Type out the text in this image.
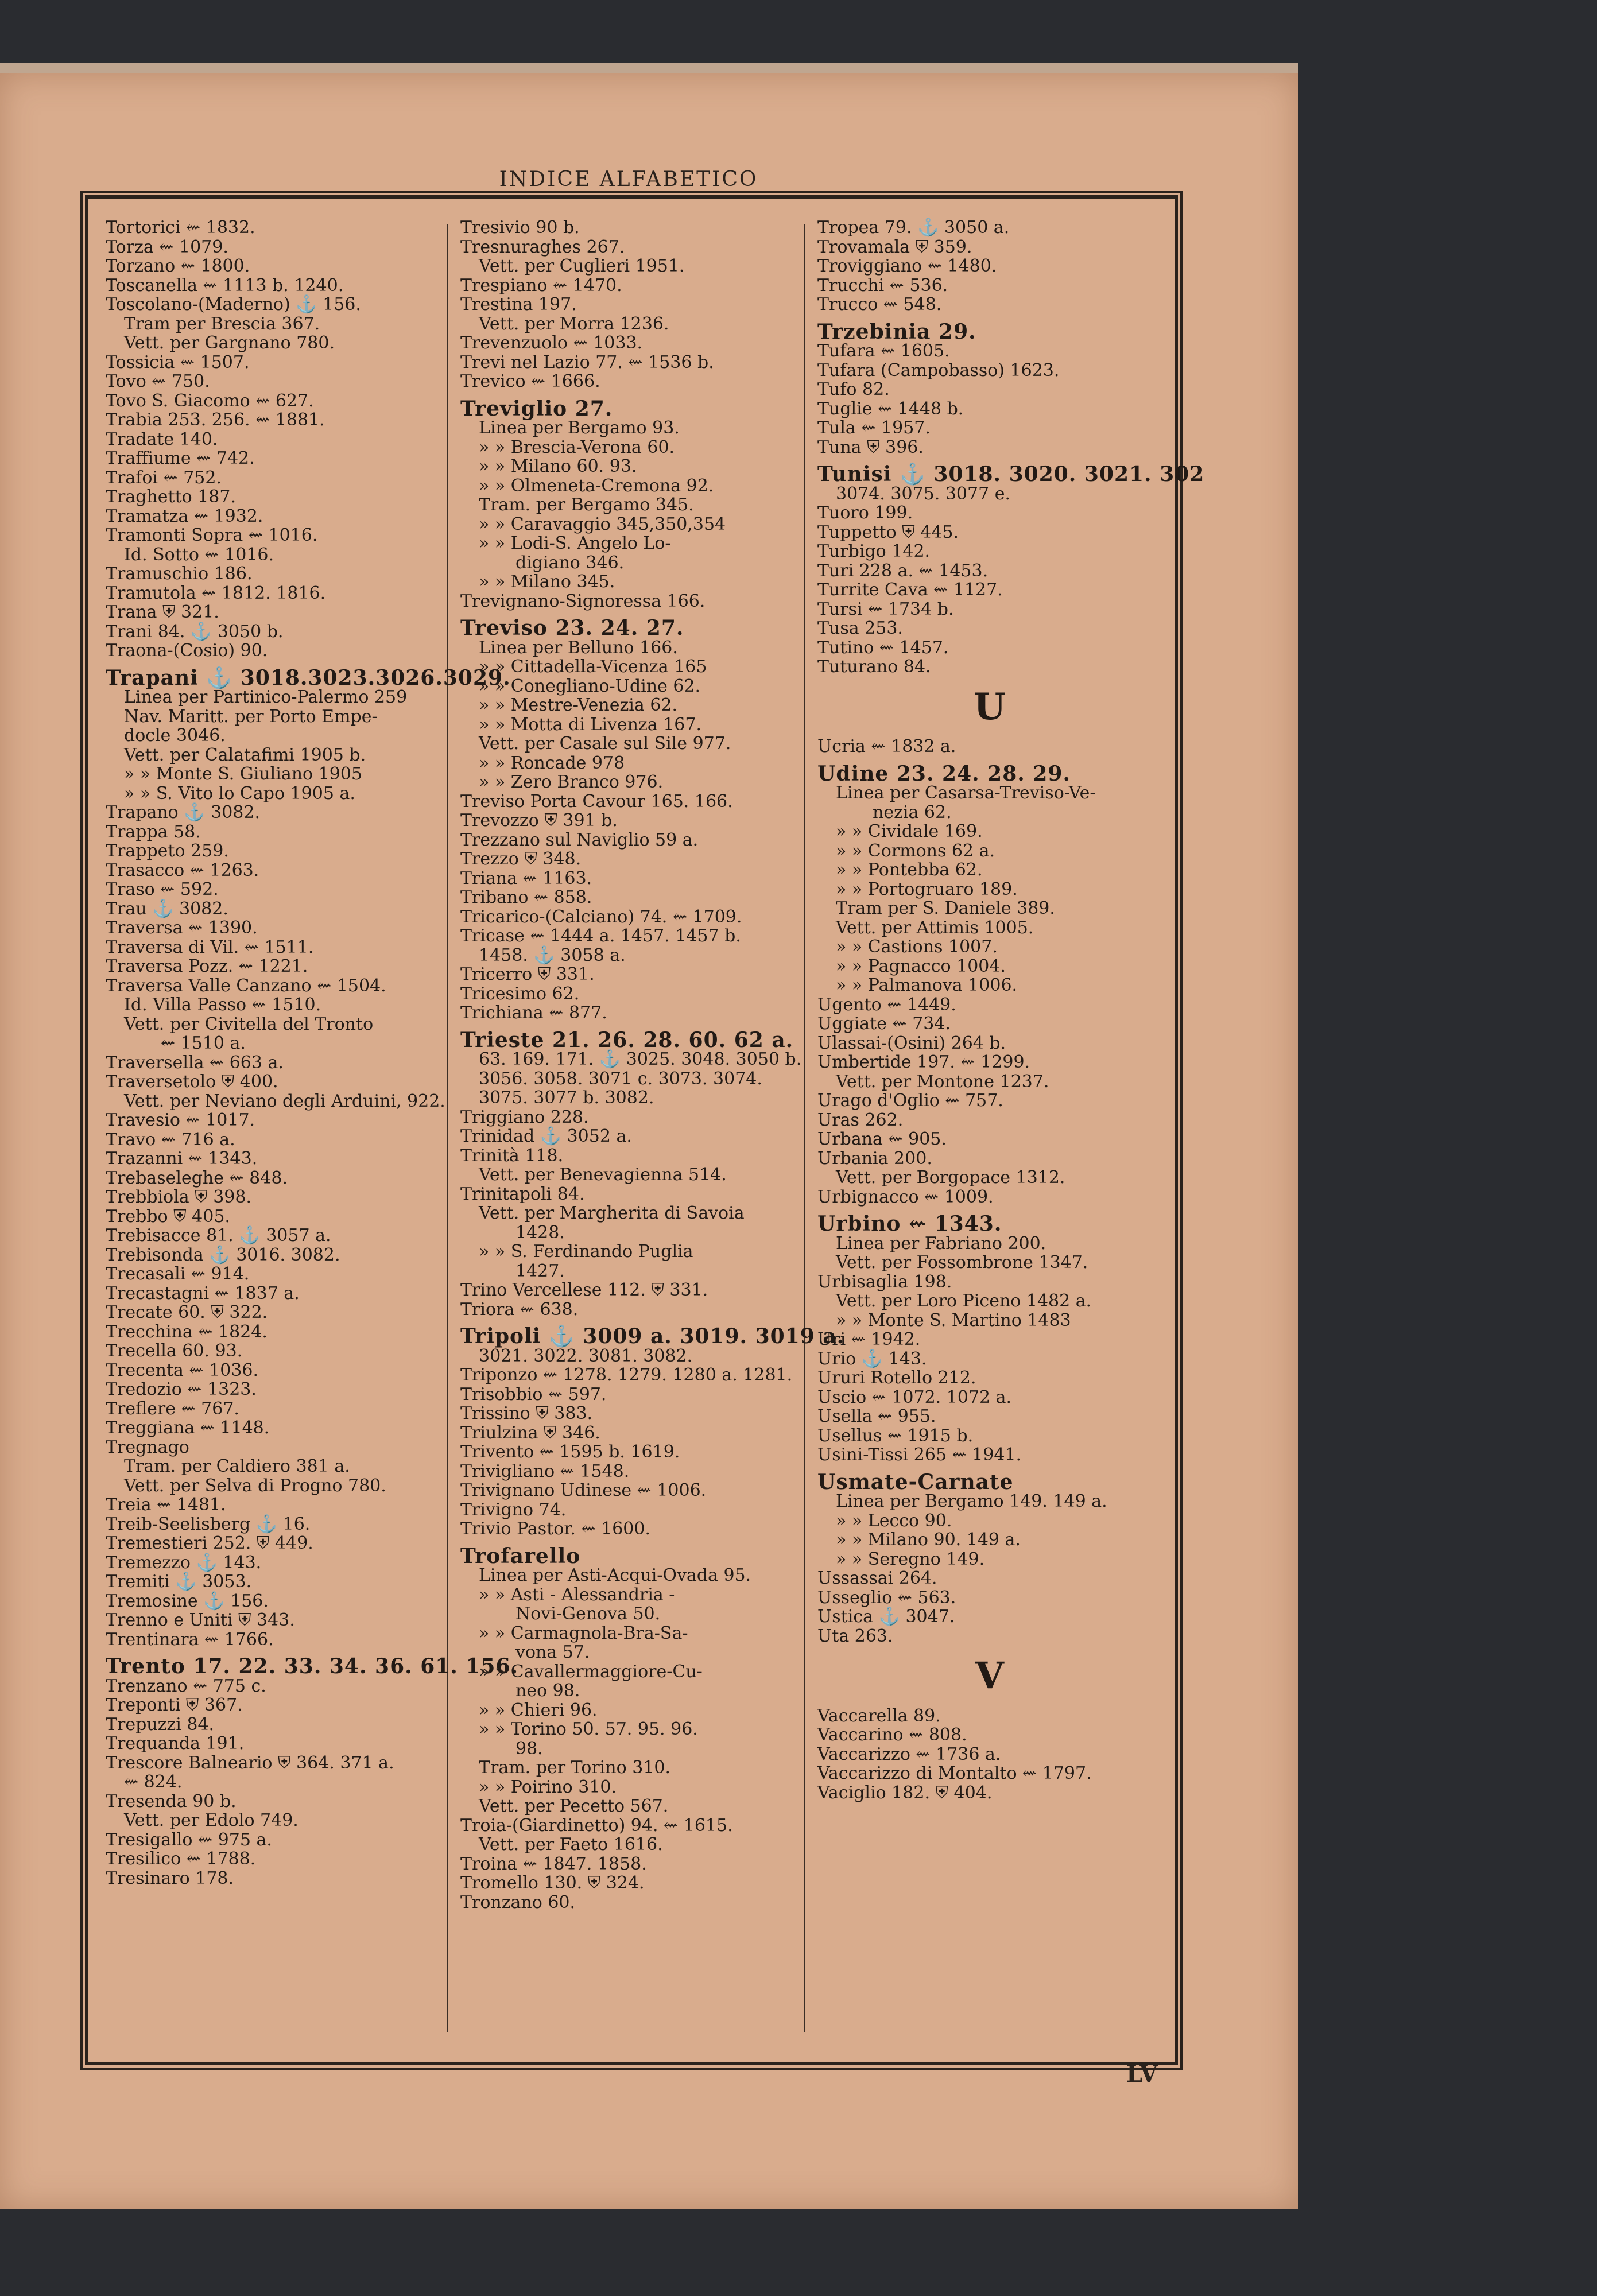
INDICE ALFABETICO
Tortorici ⇜ 1832.
Torza ⇜ 1079.
Torzano ⇜ 1800.
Toscanella ⇜ 1113 b. 1240.
Toscolano-(Maderno) ⚓ 156.
Tram per Brescia 367.
Vett. per Gargnano 780.
Tossicia ⇜ 1507.
Tovo ⇜ 750.
Tovo S. Giacomo ⇜ 627.
Trabia 253. 256. ⇜ 1881.
Tradate 140.
Traffiume ⇜ 742.
Trafoi ⇜ 752.
Traghetto 187.
Tramatza ⇜ 1932.
Tramonti Sopra ⇜ 1016.
Id. Sotto ⇜ 1016.
Tramuschio 186.
Tramutola ⇜ 1812. 1816.
Trana ⛨ 321.
Trani 84. ⚓ 3050 b.
Traona-(Cosio) 90.
Trapani ⚓ 3018.3023.3026.3029.
Linea per Partinico-Palermo 259
Nav. Maritt. per Porto Empe-
docle 3046.
Vett. per Calatafimi 1905 b.
» » Monte S. Giuliano 1905
» » S. Vito lo Capo 1905 a.
Trapano ⚓ 3082.
Trappa 58.
Trappeto 259.
Trasacco ⇜ 1263.
Traso ⇜ 592.
Trau ⚓ 3082.
Traversa ⇜ 1390.
Traversa di Vil. ⇜ 1511.
Traversa Pozz. ⇜ 1221.
Traversa Valle Canzano ⇜ 1504.
Id. Villa Passo ⇜ 1510.
Vett. per Civitella del Tronto
⇜ 1510 a.
Traversella ⇜ 663 a.
Traversetolo ⛨ 400.
Vett. per Neviano degli Arduini, 922.
Travesio ⇜ 1017.
Travo ⇜ 716 a.
Trazanni ⇜ 1343.
Trebaseleghe ⇜ 848.
Trebbiola ⛨ 398.
Trebbo ⛨ 405.
Trebisacce 81. ⚓ 3057 a.
Trebisonda ⚓ 3016. 3082.
Trecasali ⇜ 914.
Trecastagni ⇜ 1837 a.
Trecate 60. ⛨ 322.
Trecchina ⇜ 1824.
Trecella 60. 93.
Trecenta ⇜ 1036.
Tredozio ⇜ 1323.
Treflere ⇜ 767.
Treggiana ⇜ 1148.
Tregnago
Tram. per Caldiero 381 a.
Vett. per Selva di Progno 780.
Treia ⇜ 1481.
Treib-Seelisberg ⚓ 16.
Tremestieri 252. ⛨ 449.
Tremezzo ⚓ 143.
Tremiti ⚓ 3053.
Tremosine ⚓ 156.
Trenno e Uniti ⛨ 343.
Trentinara ⇜ 1766.
Trento 17. 22. 33. 34. 36. 61. 156.
Trenzano ⇜ 775 c.
Treponti ⛨ 367.
Trepuzzi 84.
Trequanda 191.
Trescore Balneario ⛨ 364. 371 a.
⇜ 824.
Tresenda 90 b.
Vett. per Edolo 749.
Tresigallo ⇜ 975 a.
Tresilico ⇜ 1788.
Tresinaro 178.
Tresivio 90 b.
Tresnuraghes 267.
Vett. per Cuglieri 1951.
Trespiano ⇜ 1470.
Trestina 197.
Vett. per Morra 1236.
Trevenzuolo ⇜ 1033.
Trevi nel Lazio 77. ⇜ 1536 b.
Trevico ⇜ 1666.
Treviglio 27.
Linea per Bergamo 93.
» » Brescia-Verona 60.
» » Milano 60. 93.
» » Olmeneta-Cremona 92.
Tram. per Bergamo 345.
» » Caravaggio 345,350,354
» » Lodi-S. Angelo Lo-
digiano 346.
» » Milano 345.
Trevignano-Signoressa 166.
Treviso 23. 24. 27.
Linea per Belluno 166.
» » Cittadella-Vicenza 165
» » Conegliano-Udine 62.
» » Mestre-Venezia 62.
» » Motta di Livenza 167.
Vett. per Casale sul Sile 977.
» » Roncade 978
» » Zero Branco 976.
Treviso Porta Cavour 165. 166.
Trevozzo ⛨ 391 b.
Trezzano sul Naviglio 59 a.
Trezzo ⛨ 348.
Triana ⇜ 1163.
Tribano ⇜ 858.
Tricarico-(Calciano) 74. ⇜ 1709.
Tricase ⇜ 1444 a. 1457. 1457 b.
1458. ⚓ 3058 a.
Tricerro ⛨ 331.
Tricesimo 62.
Trichiana ⇜ 877.
Trieste 21. 26. 28. 60. 62 a.
63. 169. 171. ⚓ 3025. 3048. 3050 b.
3056. 3058. 3071 c. 3073. 3074.
3075. 3077 b. 3082.
Triggiano 228.
Trinidad ⚓ 3052 a.
Trinità 118.
Vett. per Benevagienna 514.
Trinitapoli 84.
Vett. per Margherita di Savoia
1428.
» » S. Ferdinando Puglia
1427.
Trino Vercellese 112. ⛨ 331.
Triora ⇜ 638.
Tripoli ⚓ 3009 a. 3019. 3019 a.
3021. 3022. 3081. 3082.
Triponzo ⇜ 1278. 1279. 1280 a. 1281.
Trisobbio ⇜ 597.
Trissino ⛨ 383.
Triulzina ⛨ 346.
Trivento ⇜ 1595 b. 1619.
Trivigliano ⇜ 1548.
Trivignano Udinese ⇜ 1006.
Trivigno 74.
Trivio Pastor. ⇜ 1600.
Trofarello
Linea per Asti-Acqui-Ovada 95.
» » Asti - Alessandria -
Novi-Genova 50.
» » Carmagnola-Bra-Sa-
vona 57.
» » Cavallermaggiore-Cu-
neo 98.
» » Chieri 96.
» » Torino 50. 57. 95. 96.
98.
Tram. per Torino 310.
» » Poirino 310.
Vett. per Pecetto 567.
Troia-(Giardinetto) 94. ⇜ 1615.
Vett. per Faeto 1616.
Troina ⇜ 1847. 1858.
Tromello 130. ⛨ 324.
Tronzano 60.
Tropea 79. ⚓ 3050 a.
Trovamala ⛨ 359.
Troviggiano ⇜ 1480.
Trucchi ⇜ 536.
Trucco ⇜ 548.
Trzebinia 29.
Tufara ⇜ 1605.
Tufara (Campobasso) 1623.
Tufo 82.
Tuglie ⇜ 1448 b.
Tula ⇜ 1957.
Tuna ⛨ 396.
Tunisi ⚓ 3018. 3020. 3021. 302
3074. 3075. 3077 e.
Tuoro 199.
Tuppetto ⛨ 445.
Turbigo 142.
Turi 228 a. ⇜ 1453.
Turrite Cava ⇜ 1127.
Tursi ⇜ 1734 b.
Tusa 253.
Tutino ⇜ 1457.
Tuturano 84.
U
Ucria ⇜ 1832 a.
Udine 23. 24. 28. 29.
Linea per Casarsa-Treviso-Ve-
nezia 62.
» » Cividale 169.
» » Cormons 62 a.
» » Pontebba 62.
» » Portogruaro 189.
Tram per S. Daniele 389.
Vett. per Attimis 1005.
» » Castions 1007.
» » Pagnacco 1004.
» » Palmanova 1006.
Ugento ⇜ 1449.
Uggiate ⇜ 734.
Ulassai-(Osini) 264 b.
Umbertide 197. ⇜ 1299.
Vett. per Montone 1237.
Urago d'Oglio ⇜ 757.
Uras 262.
Urbana ⇜ 905.
Urbania 200.
Vett. per Borgopace 1312.
Urbignacco ⇜ 1009.
Urbino ⇜ 1343.
Linea per Fabriano 200.
Vett. per Fossombrone 1347.
Urbisaglia 198.
Vett. per Loro Piceno 1482 a.
» » Monte S. Martino 1483
Uri ⇜ 1942.
Urio ⚓ 143.
Ururi Rotello 212.
Uscio ⇜ 1072. 1072 a.
Usella ⇜ 955.
Usellus ⇜ 1915 b.
Usini-Tissi 265 ⇜ 1941.
Usmate-Carnate
Linea per Bergamo 149. 149 a.
» » Lecco 90.
» » Milano 90. 149 a.
» » Seregno 149.
Ussassai 264.
Usseglio ⇜ 563.
Ustica ⚓ 3047.
Uta 263.
V
Vaccarella 89.
Vaccarino ⇜ 808.
Vaccarizzo ⇜ 1736 a.
Vaccarizzo di Montalto ⇜ 1797.
Vaciglio 182. ⛨ 404.
LV
